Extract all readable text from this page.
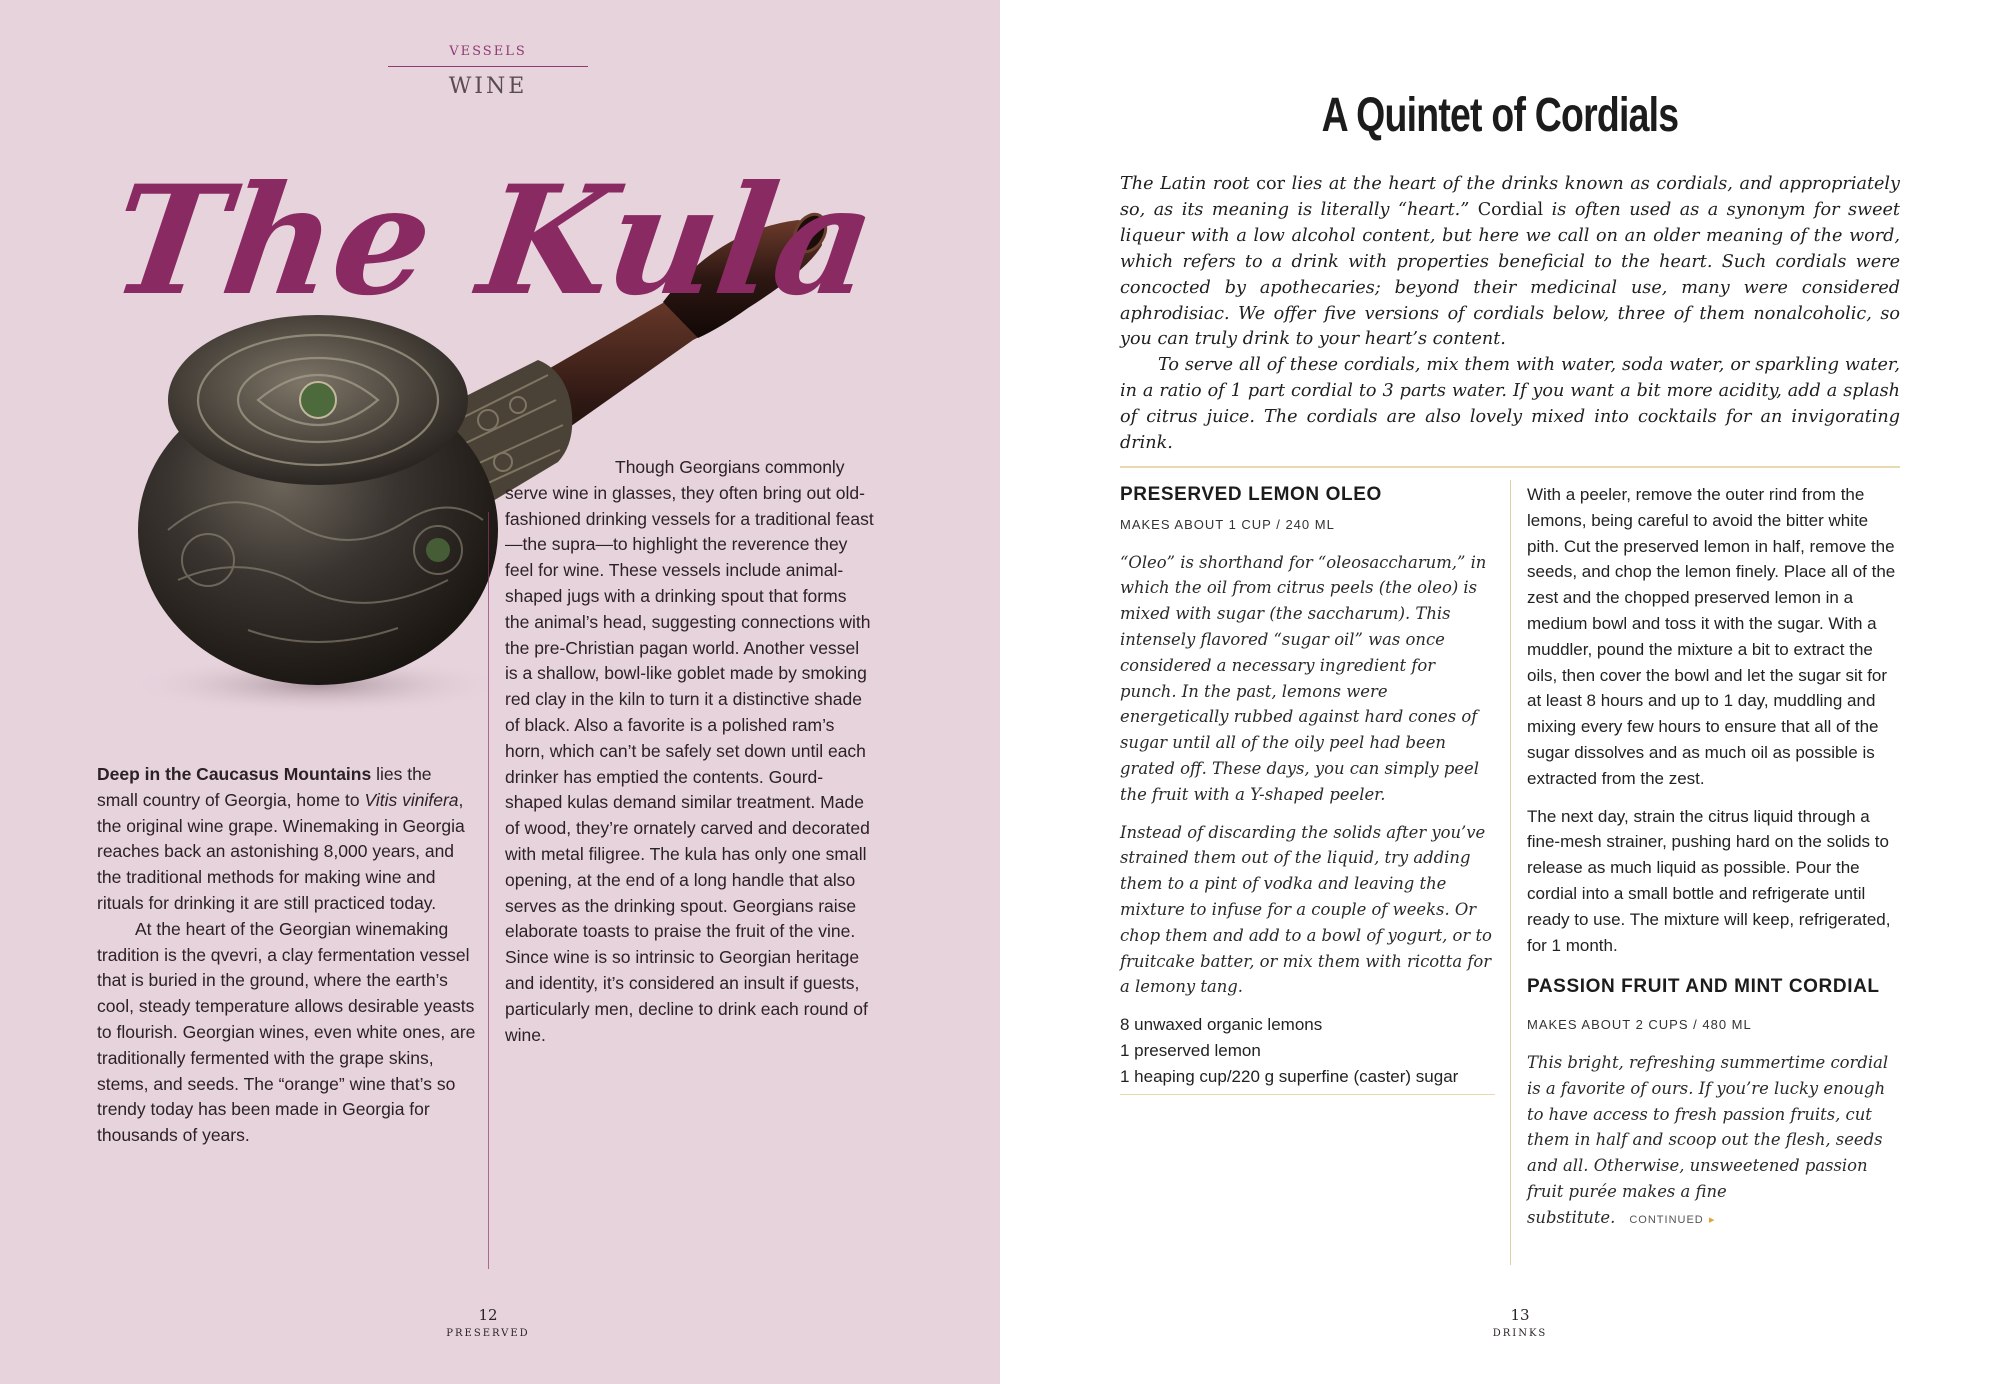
VESSELS
WINE
The Kula

Deep in the Caucasus Mountains lies the small country of Georgia, home to Vitis vinifera, the original wine grape. Winemaking in Georgia reaches back an astonishing 8,000 years, and the traditional methods for making wine and rituals for drinking it are still practiced today.

At the heart of the Georgian winemaking tradition is the qvevri, a clay fermentation vessel that is buried in the ground, where the earth’s cool, steady temperature allows desirable yeasts to flourish. Georgian wines, even white ones, are traditionally fermented with the grape skins, stems, and seeds. The “orange” wine that’s so trendy today has been made in Georgia for thousands of years.

Though Georgians commonly serve wine in glasses, they often bring out old-fashioned drinking vessels for a traditional feast—the supra—to highlight the reverence they feel for wine. These vessels include animal-shaped jugs with a drinking spout that forms the animal’s head, suggesting connections with the pre-Christian pagan world. Another vessel is a shallow, bowl-like goblet made by smoking red clay in the kiln to turn it a distinctive shade of black. Also a favorite is a polished ram’s horn, which can’t be safely set down until each drinker has emptied the contents. Gourd-shaped kulas demand similar treatment. Made of wood, they’re ornately carved and decorated with metal filigree. The kula has only one small opening, at the end of a long handle that also serves as the drinking spout. Georgians raise elaborate toasts to praise the fruit of the vine. Since wine is so intrinsic to Georgian heritage and identity, it’s considered an insult if guests, particularly men, decline to drink each round of wine.

12
PRESERVED
A Quintet of Cordials

The Latin root cor lies at the heart of the drinks known as cordials, and appropriately so, as its meaning is literally “heart.” Cordial is often used as a synonym for sweet liqueur with a low alcohol content, but here we call on an older meaning of the word, which refers to a drink with properties beneficial to the heart. Such cordials were concocted by apothecaries; beyond their medicinal use, many were considered aphrodisiac. We offer five versions of cordials below, three of them nonalcoholic, so you can truly drink to your heart’s content.

To serve all of these cordials, mix them with water, soda water, or sparkling water, in a ratio of 1 part cordial to 3 parts water. If you want a bit more acidity, add a splash of citrus juice. The cordials are also lovely mixed into cocktails for an invigorating drink.

PRESERVED LEMON OLEO

MAKES ABOUT 1 CUP / 240 ML

“Oleo” is shorthand for “oleosaccharum,” in which the oil from citrus peels (the oleo) is mixed with sugar (the saccharum). This intensely flavored “sugar oil” was once considered a necessary ingredient for punch. In the past, lemons were energetically rubbed against hard cones of sugar until all of the oily peel had been grated off. These days, you can simply peel the fruit with a Y-shaped peeler.

Instead of discarding the solids after you’ve strained them out of the liquid, try adding them to a pint of vodka and leaving the mixture to infuse for a couple of weeks. Or chop them and add to a bowl of yogurt, or to fruitcake batter, or mix them with ricotta for a lemony tang.

8 unwaxed organic lemons

1 preserved lemon

1 heaping cup/220 g superfine (caster) sugar

With a peeler, remove the outer rind from the lemons, being careful to avoid the bitter white pith. Cut the preserved lemon in half, remove the seeds, and chop the lemon finely. Place all of the zest and the chopped preserved lemon in a medium bowl and toss it with the sugar. With a muddler, pound the mixture a bit to extract the oils, then cover the bowl and let the sugar sit for at least 8 hours and up to 1 day, muddling and mixing every few hours to ensure that all of the sugar dissolves and as much oil as possible is extracted from the zest.

The next day, strain the citrus liquid through a fine-mesh strainer, pushing hard on the solids to release as much liquid as possible. Pour the cordial into a small bottle and refrigerate until ready to use. The mixture will keep, refrigerated, for 1 month.

PASSION FRUIT AND MINT CORDIAL

MAKES ABOUT 2 CUPS / 480 ML

This bright, refreshing summertime cordial is a favorite of ours. If you’re lucky enough to have access to fresh passion fruits, cut them in half and scoop out the flesh, seeds and all. Otherwise, unsweetened passion fruit purée makes a fine substitute. CONTINUED ▸

13
DRINKS
